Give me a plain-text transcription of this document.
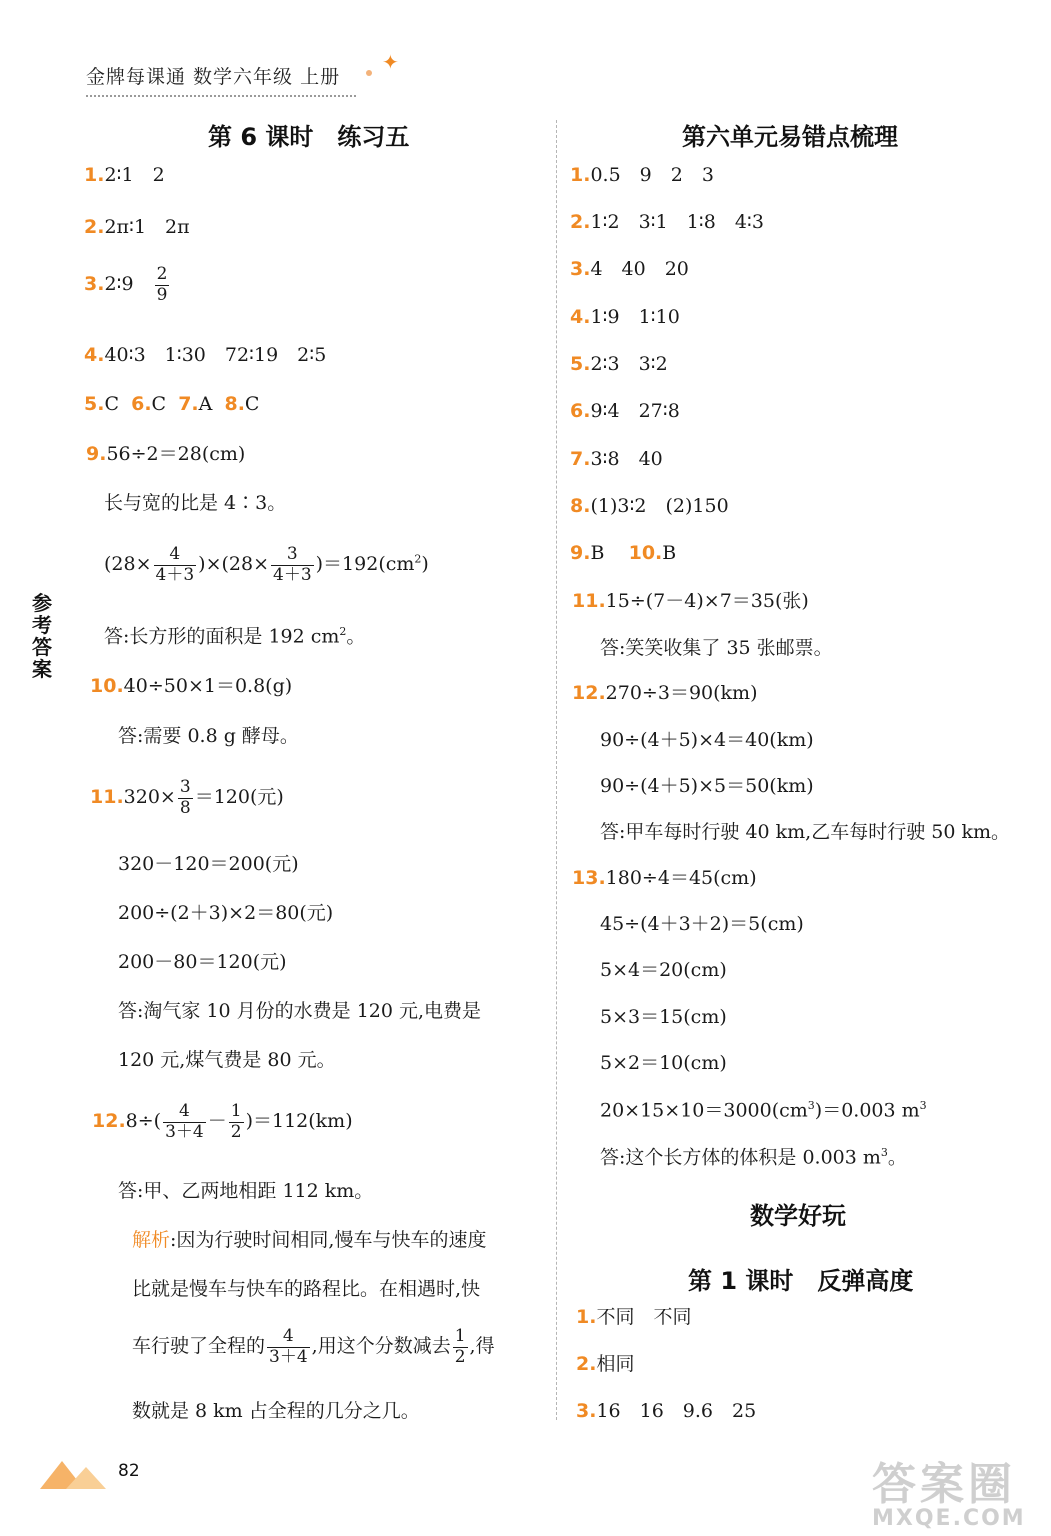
金牌每课通 数学六年级 上册
✦
参考答案
第 6 课时　练习五
1.2∶1　2
2.2π∶1　2π
3.2∶9　 $\frac{2}{9}$
4.40∶3　1∶30　72∶19　2∶5
5.C 6.C 7.A 8.C
9.56÷2＝28(cm)
长与宽的比是 4∶3。
$(28\times \frac{4}{4+3} )\times(28\times \frac{3}{4+3} )=192(cm^2)$
答:长方形的面积是 192 $cm^2$。
10.40÷50×1＝0.8(g)
答:需要 0.8 g 酵母。
$11.320\times \frac{3}{8} =120$(元)
320－120＝200(元)
200÷(2＋3)×2＝80(元)
200－80＝120(元)
答:淘气家 10 月份的水费是 120 元,电费是
120 元,煤气费是 80 元。
$12.8\div( \frac{4}{3+4} - \frac{1}{2} )=112(km)$
答:甲、乙两地相距 112 km。
解析:因为行驶时间相同,慢车与快车的速度
比就是慢车与快车的路程比。在相遇时,快
车行驶了全程的 $\frac{4}{3+4}$ ,用这个分数减去 $\frac{1}{2}$ ,得
数就是 8 km 占全程的几分之几。
第六单元易错点梳理
1.0.5　9　2　3
2.1∶2　3∶1　1∶8　4∶3
3.4　40　20
4.1∶9　1∶10
5.2∶3　3∶2
6.9∶4　27∶8
7.3∶8　40
8.(1)3∶2　(2)150
9.B 10.B
11.15÷(7－4)×7＝35(张)
答:笑笑收集了 35 张邮票。
12.270÷3＝90(km)
90÷(4＋5)×4＝40(km)
90÷(4＋5)×5＝50(km)
答:甲车每时行驶 40 km,乙车每时行驶 50 km。
13.180÷4＝45(cm)
45÷(4＋3＋2)＝5(cm)
5×4＝20(cm)
5×3＝15(cm)
5×2＝10(cm)
$20\times 15\times 10=3000(cm^3)=0.003$ $m^3$
答:这个长方体的体积是 0.003 $m^3$。
数学好玩
第 1 课时　反弹高度
1.不同　不同
2.相同
3.16　16　9.6　25
82	答案圈
MXQE.COM
